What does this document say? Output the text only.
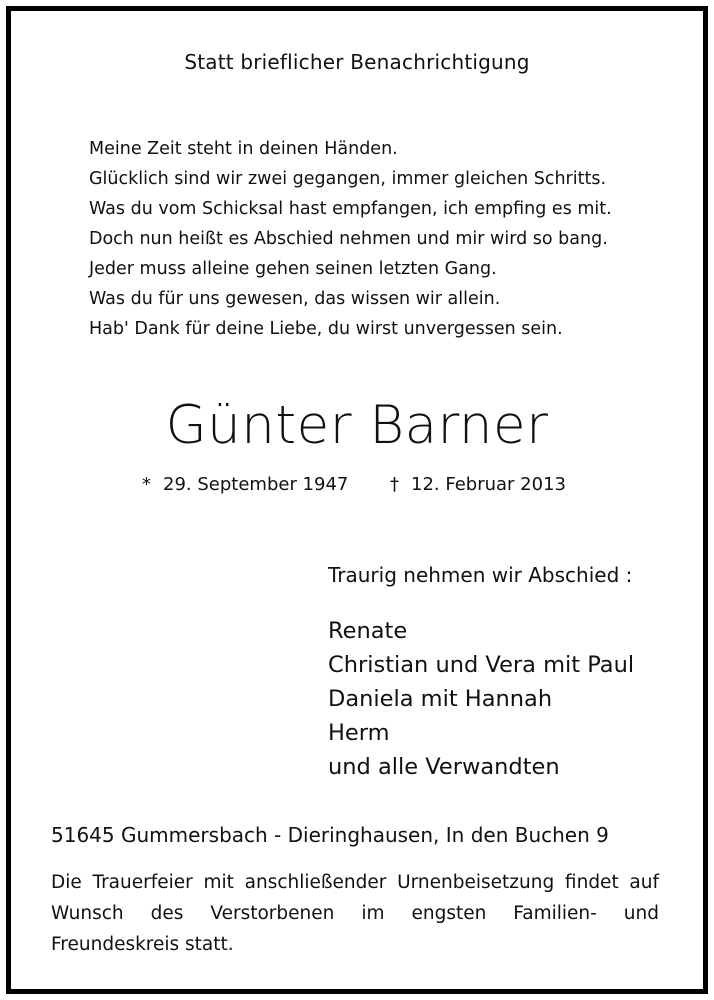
Statt brieflicher Benachrichtigung
Meine Zeit steht in deinen Händen.
Glücklich sind wir zwei gegangen, immer gleichen Schritts.
Was du vom Schicksal hast empfangen, ich empfing es mit.
Doch nun heißt es Abschied nehmen und mir wird so bang.
Jeder muss alleine gehen seinen letzten Gang.
Was du für uns gewesen, das wissen wir allein.
Hab' Dank für deine Liebe, du wirst unvergessen sein.
Günter Barner
* 29. September 1947 † 12. Februar 2013
Traurig nehmen wir Abschied :
Renate
Christian und Vera mit Paul
Daniela mit Hannah
Herm
und alle Verwandten
51645 Gummersbach - Dieringhausen, In den Buchen 9
Die Trauerfeier mit anschließender Urnenbeisetzung findet auf Wunsch des Verstorbenen im engsten Familien- und Freundeskreis statt.
